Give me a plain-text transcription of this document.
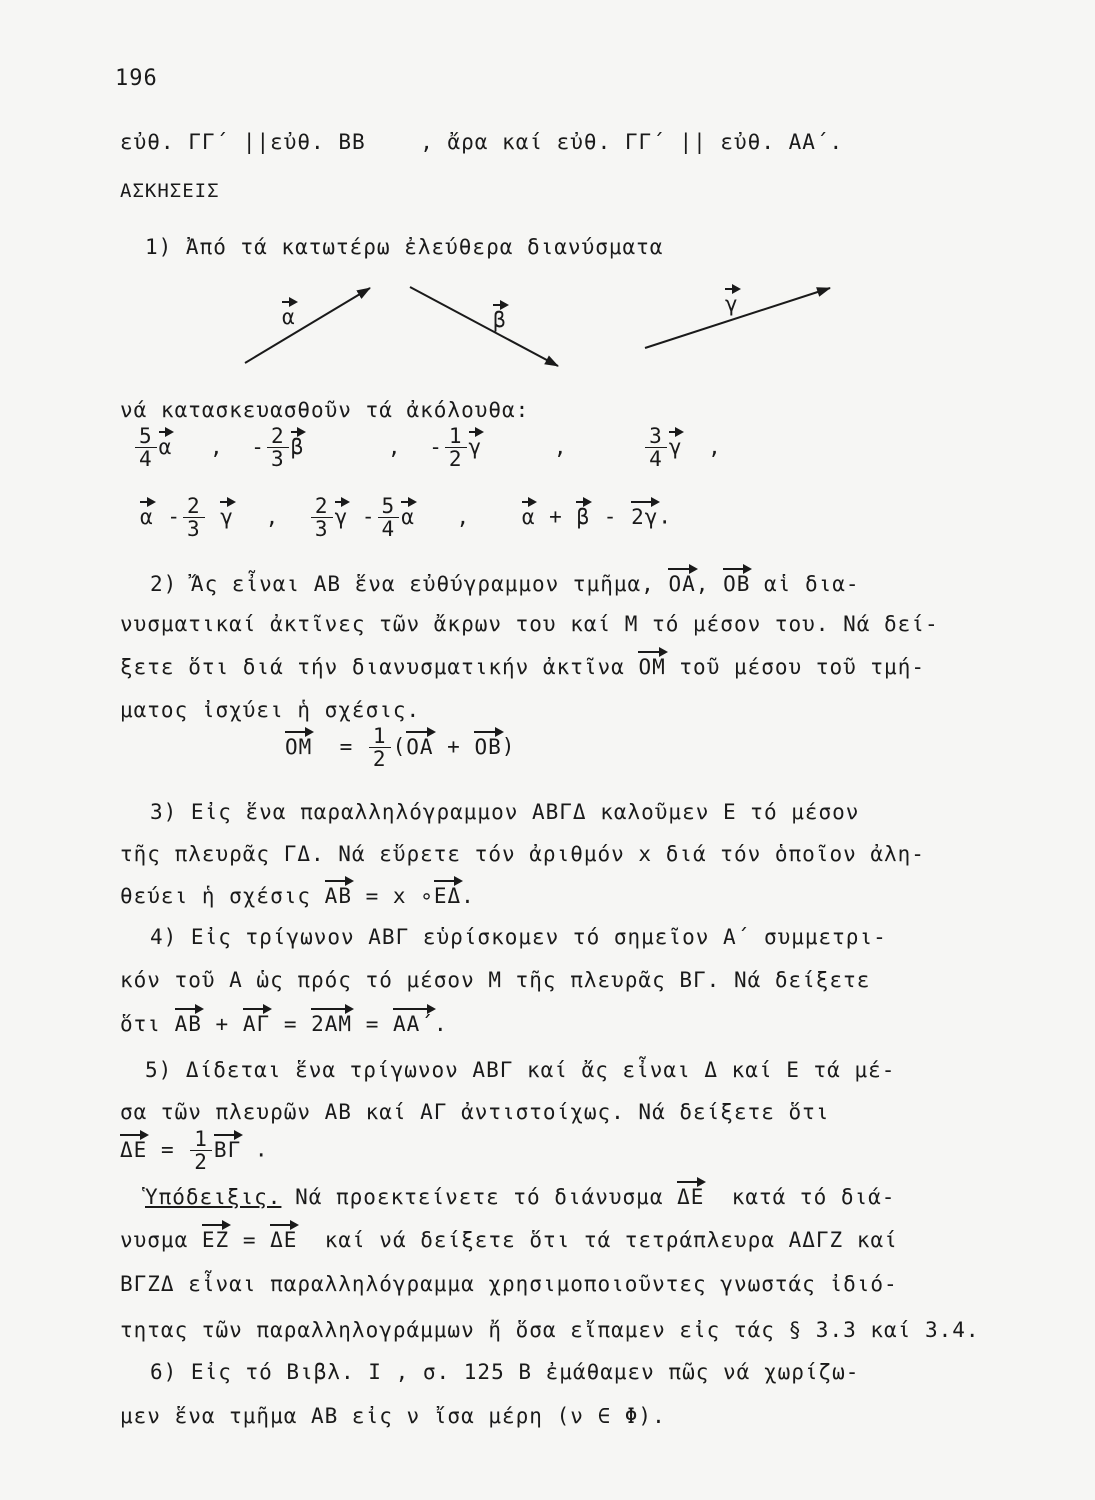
196
εὐθ. ΓΓ΄ ||εὐθ. ΒΒ	, ἄρα καί εὐθ. ΓΓ΄ || εὐθ. ΑΑ΄.
ΑΣΚΗΣΕΙΣ
1) Ἀπό τά κατωτέρω ἐλεύθερα διανύσματα
α	β
γ
νά κατασκευασθοῦν τά ἀκόλουθα:
$\frac{5}{4}$ α , - $\frac{2}{3}$ β	, - $\frac{1}{2}$ γ	,	$\frac{3}{4}$ γ ,
α - $\frac{2}{3}$ γ , $\frac{2}{3}$ γ - $\frac{5}{4}$ α , α + β - 2γ.
2) Ἄς εἶναι ΑΒ ἕνα εὐθύγραμμον τμῆμα, ΟΑ, ΟΒ αἱ δια-
νυσματικαί ἀκτῖνες τῶν ἄκρων του καί Μ τό μέσον του. Νά δεί-
ξετε ὅτι διά τήν διανυσματικήν ἀκτῖνα ΟΜ τοῦ μέσου τοῦ τμή-
ματος ἰσχύει ἡ σχέσις.
$OM = \frac{1}{2} (OA + OB)$
3) Εἰς ἕνα παραλληλόγραμμον ΑΒΓΔ καλοῦμεν Ε τό μέσον
τῆς πλευρᾶς ΓΔ. Νά εὕρετε τόν ἀριθμόν x διά τόν ὁποῖον ἀλη-
θεύει ἡ σχέσις ΑΒ = x ∘ΕΔ.
4) Εἰς τρίγωνον ΑΒΓ εὑρίσκομεν τό σημεῖον Α΄ συμμετρι-
κόν τοῦ Α ὡς πρός τό μέσον Μ τῆς πλευρᾶς ΒΓ. Νά δείξετε
ὅτι ΑΒ + ΑΓ = 2ΑΜ = ΑΑ΄.
5) Δίδεται ἕνα τρίγωνον ΑΒΓ καί ἄς εἶναι Δ καί Ε τά μέ-
σα τῶν πλευρῶν ΑΒ καί ΑΓ ἀντιστοίχως. Νά δείξετε ὅτι
$\Delta E = \frac{1}{2}$ ΒΓ .
Ὑπόδειξις. Νά προεκτείνετε τό διάνυσμα ΔΕ κατά τό διά-
νυσμα ΕΖ = ΔΕ καί νά δείξετε ὅτι τά τετράπλευρα ΑΔΓΖ καί
ΒΓΖΔ εἶναι παραλληλόγραμμα χρησιμοποιοῦντες γνωστάς ἰδιό-
τητας τῶν παραλληλογράμμων ἤ ὅσα εἴπαμεν εἰς τάς § 3.3 καί 3.4.
6) Εἰς τό Βιβλ. Ι , σ. 125 Β ἐμάθαμεν πῶς νά χωρίζω-
μεν ἕνα τμῆμα ΑΒ εἰς ν ἴσα μέρη (ν ∈ Φ).
